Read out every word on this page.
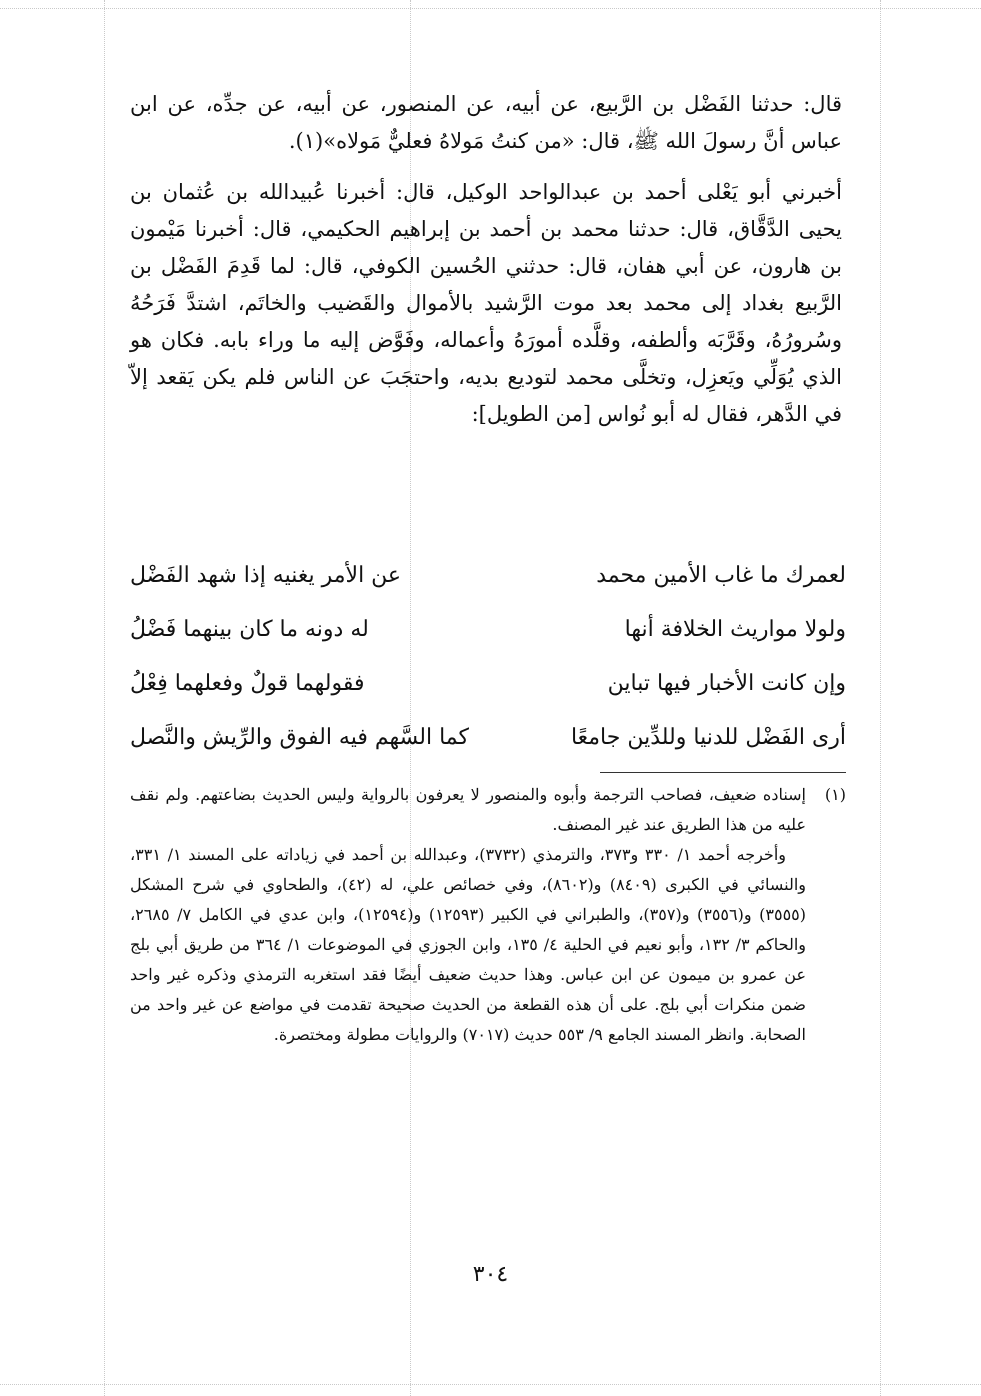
قال: حدثنا الفَضْل بن الرَّبيع، عن أبيه، عن المنصور، عن أبيه، عن جدِّه، عن ابن عباس أنَّ رسولَ الله ﷺ، قال: «من كنتُ مَولاهُ فعليٌّ مَولاه»(١).

أخبرني أبو يَعْلى أحمد بن عبدالواحد الوكيل، قال: أخبرنا عُبيدالله بن عُثمان بن يحيى الدَّقَّاق، قال: حدثنا محمد بن أحمد بن إبراهيم الحكيمي، قال: أخبرنا مَيْمون بن هارون، عن أبي هفان، قال: حدثني الحُسين الكوفي، قال: لما قَدِمَ الفَضْل بن الرَّبيع بغداد إلى محمد بعد موت الرَّشيد بالأموال والقَضيب والخاتَم، اشتدَّ فَرَحُهُ وسُرورُهُ، وقَرَّبَه وألطفه، وقلَّده أمورَهُ وأعماله، وفَوَّض إليه ما وراء بابه. فكان هو الذي يُوَلِّي ويَعزِل، وتخلَّى محمد لتوديع بديه، واحتجَبَ عن الناس فلم يكن يَقعد إلاّ في الدَّهر، فقال له أبو نُواس [من الطويل]:

لعمرك ما غاب الأمين محمد
عن الأمر يغنيه إذا شهد الفَضْل
ولولا مواريث الخلافة أنها
له دونه ما كان بينهما فَضْلُ
وإن كانت الأخبار فيها تباين
فقولهما قولٌ وفعلهما فِعْلُ
أرى الفَضْل للدنيا وللدِّين جامعًا
كما السَّهم فيه الفوق والرِّيش والنَّصل
(١)

إسناده ضعيف، فصاحب الترجمة وأبوه والمنصور لا يعرفون بالرواية وليس الحديث بضاعتهم. ولم نقف عليه من هذا الطريق عند غير المصنف.

وأخرجه أحمد ١/ ٣٣٠ و٣٧٣، والترمذي (٣٧٣٢)، وعبدالله بن أحمد في زياداته على المسند ١/ ٣٣١، والنسائي في الكبرى (٨٤٠٩) و(٨٦٠٢)، وفي خصائص علي، له (٤٢)، والطحاوي في شرح المشكل (٣٥٥٥) و(٣٥٥٦) و(٣٥٧)، والطبراني في الكبير (١٢٥٩٣) و(١٢٥٩٤)، وابن عدي في الكامل ٧/ ٢٦٨٥، والحاكم ٣/ ١٣٢، وأبو نعيم في الحلية ٤/ ١٣٥، وابن الجوزي في الموضوعات ١/ ٣٦٤ من طريق أبي بلج عن عمرو بن ميمون عن ابن عباس. وهذا حديث ضعيف أيضًا فقد استغربه الترمذي وذكره غير واحد ضمن منكرات أبي بلج. على أن هذه القطعة من الحديث صحيحة تقدمت في مواضع عن غير واحد من الصحابة. وانظر المسند الجامع ٩/ ٥٥٣ حديث (٧٠١٧) والروايات مطولة ومختصرة.

٣٠٤
